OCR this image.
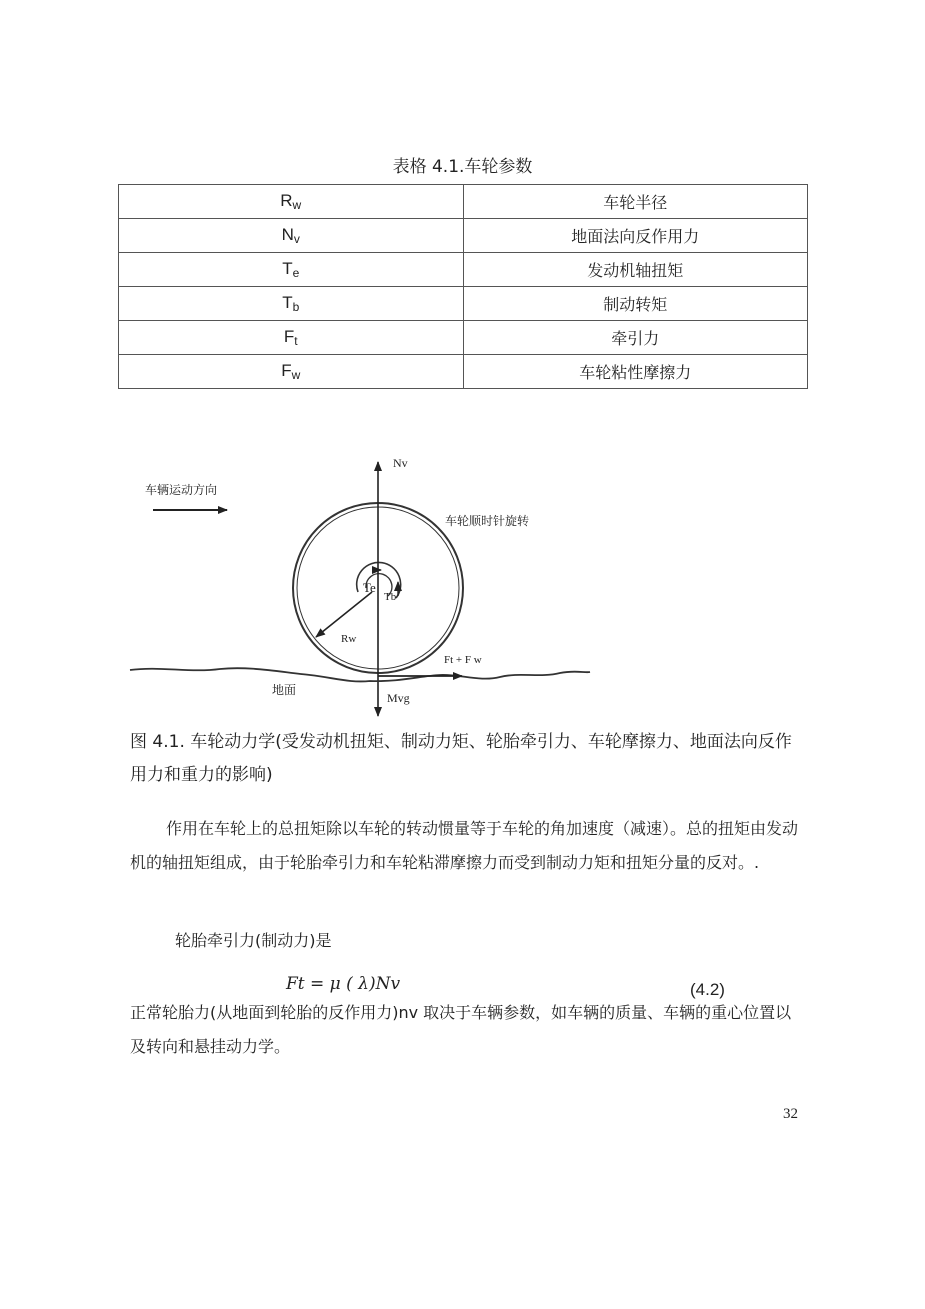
表格 4.1.车轮参数
$R_w$	车轮半径
$N_v$	地面法向反作用力
$T_e$	发动机轴扭矩
$T_b$	制动转矩
$F_t$	牵引力
$F_w$	车轮粘性摩擦力
车辆运动方向
Te
Tb
Rw
Nv
车轮顺时针旋转
Ft + F w
地面
Mvg
图 4.1. 车轮动力学(受发动机扭矩、制动力矩、轮胎牵引力、车轮摩擦力、地面法向反作用力和重力的影响)
作用在车轮上的总扭矩除以车轮的转动惯量等于车轮的角加速度（减速）。总的扭矩由发动机的轴扭矩组成，由于轮胎牵引力和车轮粘滞摩擦力而受到制动力矩和扭矩分量的反对。.
轮胎牵引力(制动力)是
Ft = μ ( λ)Nv	(4.2)
正常轮胎力(从地面到轮胎的反作用力)nv 取决于车辆参数，如车辆的质量、车辆的重心位置以及转向和悬挂动力学。
32
